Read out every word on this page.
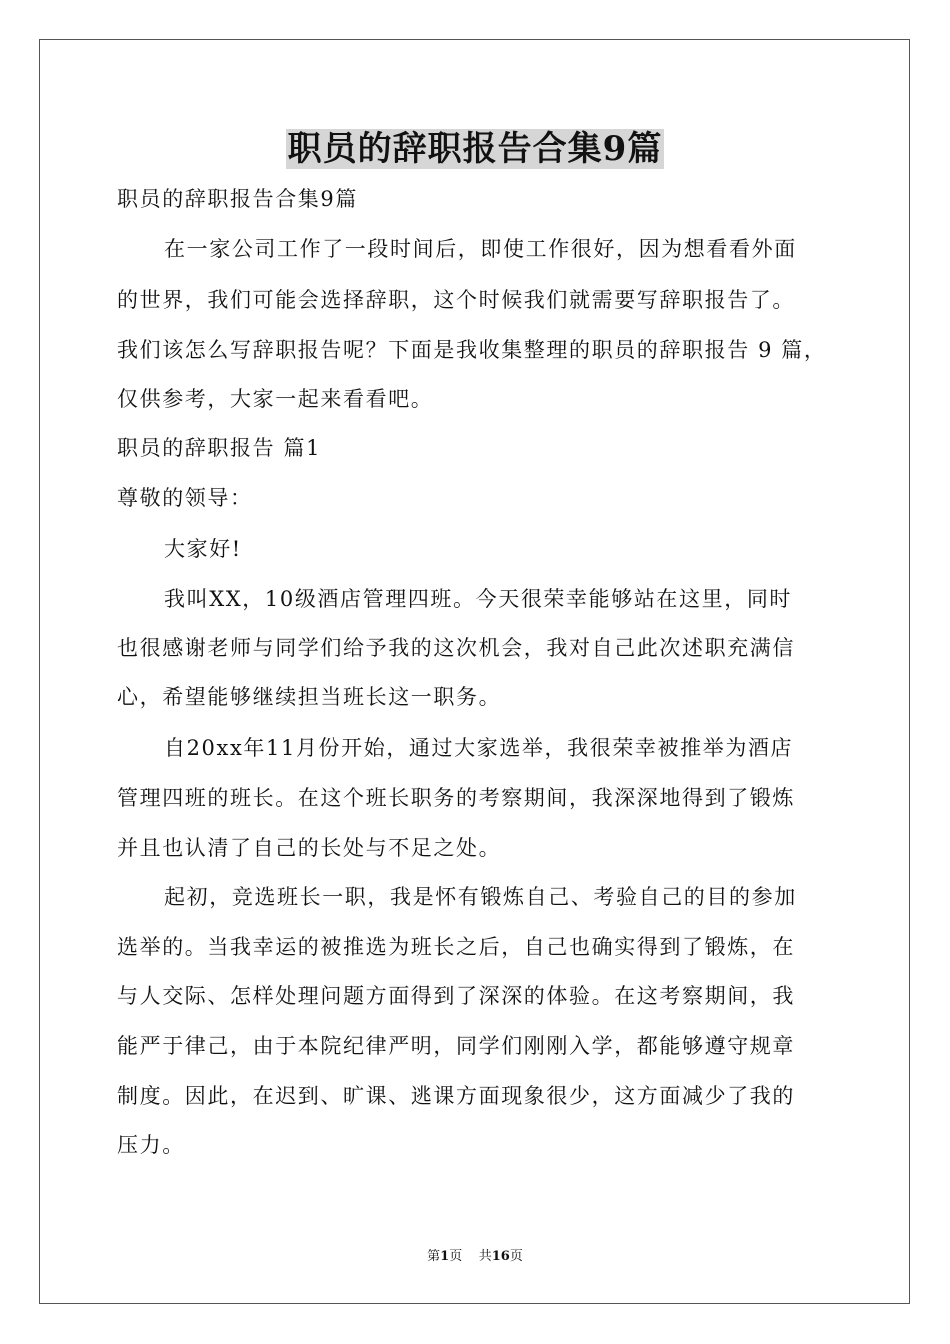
职员的辞职报告合集9篇
职员的辞职报告合集9篇
在一家公司工作了一段时间后，即使工作很好，因为想看看外面
的世界，我们可能会选择辞职，这个时候我们就需要写辞职报告了。
我们该怎么写辞职报告呢？下面是我收集整理的职员的辞职报告 9 篇，
仅供参考，大家一起来看看吧。
职员的辞职报告 篇1
尊敬的领导：
大家好!
我叫XX，10级酒店管理四班。今天很荣幸能够站在这里，同时
也很感谢老师与同学们给予我的这次机会，我对自己此次述职充满信
心，希望能够继续担当班长这一职务。
自20xx年11月份开始，通过大家选举，我很荣幸被推举为酒店
管理四班的班长。在这个班长职务的考察期间，我深深地得到了锻炼
并且也认清了自己的长处与不足之处。
起初，竞选班长一职，我是怀有锻炼自己、考验自己的目的参加
选举的。当我幸运的被推选为班长之后，自己也确实得到了锻炼，在
与人交际、怎样处理问题方面得到了深深的体验。在这考察期间，我
能严于律己，由于本院纪律严明，同学们刚刚入学，都能够遵守规章
制度。因此，在迟到、旷课、逃课方面现象很少，这方面减少了我的
压力。
第1页 共16页
